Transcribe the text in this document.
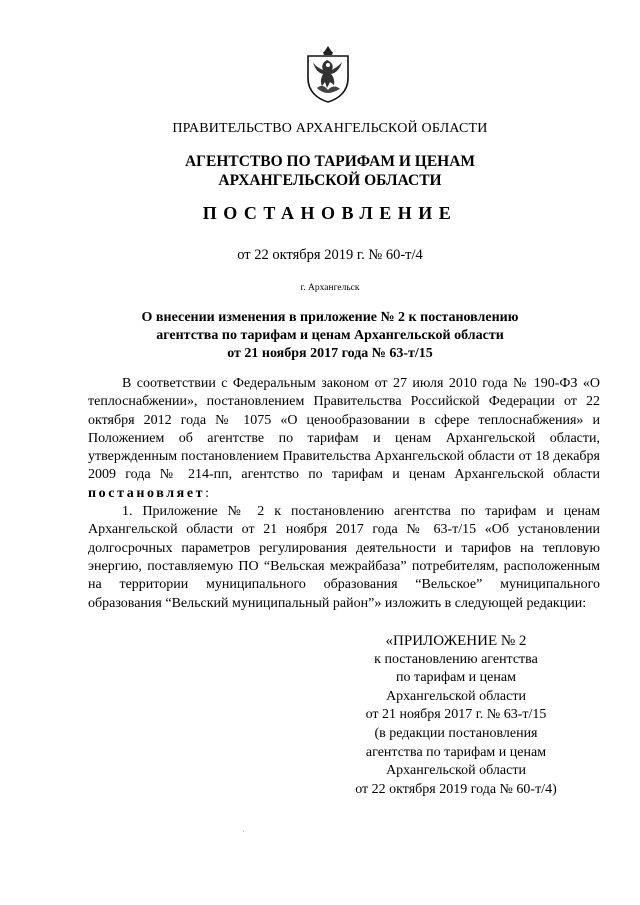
ПРАВИТЕЛЬСТВО АРХАНГЕЛЬСКОЙ ОБЛАСТИ
АГЕНТСТВО ПО ТАРИФАМ И ЦЕНАМ
АРХАНГЕЛЬСКОЙ ОБЛАСТИ
ПОСТАНОВЛЕНИЕ
от 22 октября 2019 г. № 60-т/4
г. Архангельск
О внесении изменения в приложение № 2 к постановлению
агентства по тарифам и ценам Архангельской области
от 21 ноября 2017 года № 63-т/15

В соответствии с Федеральным законом от 27 июля 2010 года № 190-ФЗ «О теплоснабжении», постановлением Правительства Российской Федерации от 22 октября 2012 года № 1075 «О ценообразовании в сфере теплоснабжения» и Положением об агентстве по тарифам и ценам Архангельской области, утвержденным постановлением Правительства Архангельской области от 18 декабря 2009 года № 214-пп, агентство по тарифам и ценам Архангельской области постановляет:

1. Приложение № 2 к постановлению агентства по тарифам и ценам Архангельской области от 21 ноября 2017 года № 63-т/15 «Об установлении долгосрочных параметров регулирования деятельности и тарифов на тепловую энергию, поставляемую ПО “Вельская межрайбаза” потребителям, расположенным на территории муниципального образования “Вельское” муниципального образования “Вельский муниципальный район”» изложить в следующей редакции:

«ПРИЛОЖЕНИЕ № 2
к постановлению агентства
по тарифам и ценам
Архангельской области
от 21 ноября 2017 г. № 63-т/15
(в редакции постановления
агентства по тарифам и ценам
Архангельской области
от 22 октября 2019 года № 60-т/4)
